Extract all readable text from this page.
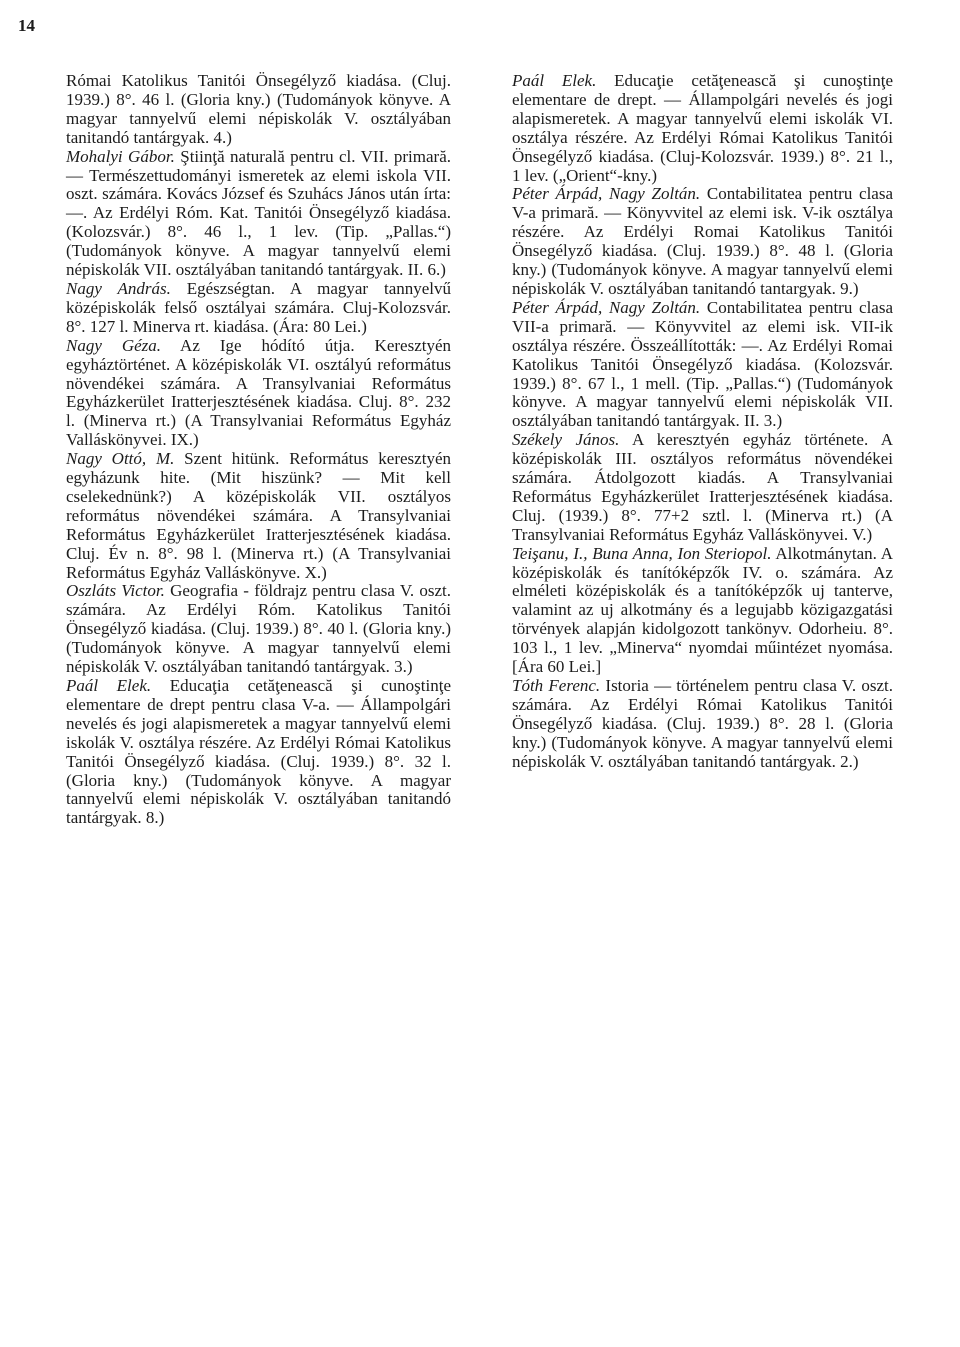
14

Római Katolikus Tanitói Önsegélyző kiadása. (Cluj. 1939.) 8°. 46 l. (Gloria kny.) (Tudományok könyve. A magyar tannyelvű elemi népiskolák V. osztályában tanitandó tantárgyak. 4.)

Mohalyi Gábor. Ştiinţă naturală pentru cl. VII. primară. — Természettudományi ismeretek az elemi iskola VII. oszt. számára. Kovács József és Szuhács János után írta: —. Az Erdélyi Róm. Kat. Tanitói Önsegélyző kiadása. (Kolozsvár.) 8°. 46 l., 1 lev. (Tip. „Pallas.“) (Tudományok könyve. A magyar tannyelvű elemi népiskolák VII. osztályában tanitandó tantárgyak. II. 6.)

Nagy András. Egészségtan. A magyar tannyelvű középiskolák felső osztályai számára. Cluj-Kolozsvár. 8°. 127 l. Minerva rt. kiadása. (Ára: 80 Lei.)

Nagy Géza. Az Ige hódító útja. Keresztyén egyháztörténet. A középiskolák VI. osztályú református növendékei számára. A Transylvaniai Református Egyházkerület Iratterjesztésének kiadása. Cluj. 8°. 232 l. (Minerva rt.) (A Transylvaniai Református Egyház Valláskönyvei. IX.)

Nagy Ottó, M. Szent hitünk. Református keresztyén egyházunk hite. (Mit hiszünk? — Mit kell cselekednünk?) A középiskolák VII. osztályos református növendékei számára. A Transylvaniai Református Egyházkerület Iratterjesztésének kiadása. Cluj. Év n. 8°. 98 l. (Minerva rt.) (A Transylvaniai Református Egyház Valláskönyve. X.)

Oszláts Victor. Geografia - földrajz pentru clasa V. oszt. számára. Az Erdélyi Róm. Katolikus Tanitói Önsegélyző kiadása. (Cluj. 1939.) 8°. 40 l. (Gloria kny.) (Tudományok könyve. A magyar tannyelvű elemi népiskolák V. osztályában tanitandó tantárgyak. 3.)

Paál Elek. Educaţia cetăţenească şi cunoştinţe elementare de drept pentru clasa V-a. — Állampolgári nevelés és jogi alapismeretek a magyar tannyelvű elemi iskolák V. osztálya részére. Az Erdélyi Római Katolikus Tanitói Önsegélyző kiadása. (Cluj. 1939.) 8°. 32 l. (Gloria kny.) (Tudományok könyve. A magyar tannyelvű elemi népiskolák V. osztályában tanitandó tantárgyak. 8.)

Paál Elek. Educaţie cetăţenească şi cunoştinţe elementare de drept. — Állampolgári nevelés és jogi alapismeretek. A magyar tannyelvű elemi iskolák VI. osztálya részére. Az Erdélyi Római Katolikus Tanitói Önsegélyző kiadása. (Cluj-Kolozsvár. 1939.) 8°. 21 l., 1 lev. („Orient“-kny.)

Péter Árpád, Nagy Zoltán. Contabilitatea pentru clasa V-a primară. — Könyvvitel az elemi isk. V-ik osztálya részére. Az Erdélyi Romai Katolikus Tanitói Önsegélyző kiadása. (Cluj. 1939.) 8°. 48 l. (Gloria kny.) (Tudományok könyve. A magyar tannyelvű elemi népiskolák V. osztályában tanitandó tantargyak. 9.)

Péter Árpád, Nagy Zoltán. Contabilitatea pentru clasa VII-a primară. — Könyvvitel az elemi isk. VII-ik osztálya részére. Összeállították: —. Az Erdélyi Romai Katolikus Tanitói Önsegélyző kiadása. (Kolozsvár. 1939.) 8°. 67 l., 1 mell. (Tip. „Pallas.“) (Tudományok könyve. A magyar tannyelvű elemi népiskolák VII. osztályában tanitandó tantárgyak. II. 3.)

Székely János. A keresztyén egyház története. A középiskolák III. osztályos református növendékei számára. Átdolgozott kiadás. A Transylvaniai Református Egyházkerület Iratterjesztésének kiadása. Cluj. (1939.) 8°. 77+2 sztl. l. (Minerva rt.) (A Transylvaniai Református Egyház Valláskönyvei. V.)

Teişanu, I., Buna Anna, Ion Steriopol. Alkotmánytan. A középiskolák és tanítóképzők IV. o. számára. Az elméleti középiskolák és a tanítóképzők uj tanterve, valamint az uj alkotmány és a legujabb közigazgatási törvények alapján kidolgozott tankönyv. Odorheiu. 8°. 103 l., 1 lev. „Minerva“ nyomdai műintézet nyomása. [Ára 60 Lei.]

Tóth Ferenc. Istoria — történelem pentru clasa V. oszt. számára. Az Erdélyi Római Katolikus Tanitói Önsegélyző kiadása. (Cluj. 1939.) 8°. 28 l. (Gloria kny.) (Tudományok könyve. A magyar tannyelvű elemi népiskolák V. osztályában tanitandó tantárgyak. 2.)
